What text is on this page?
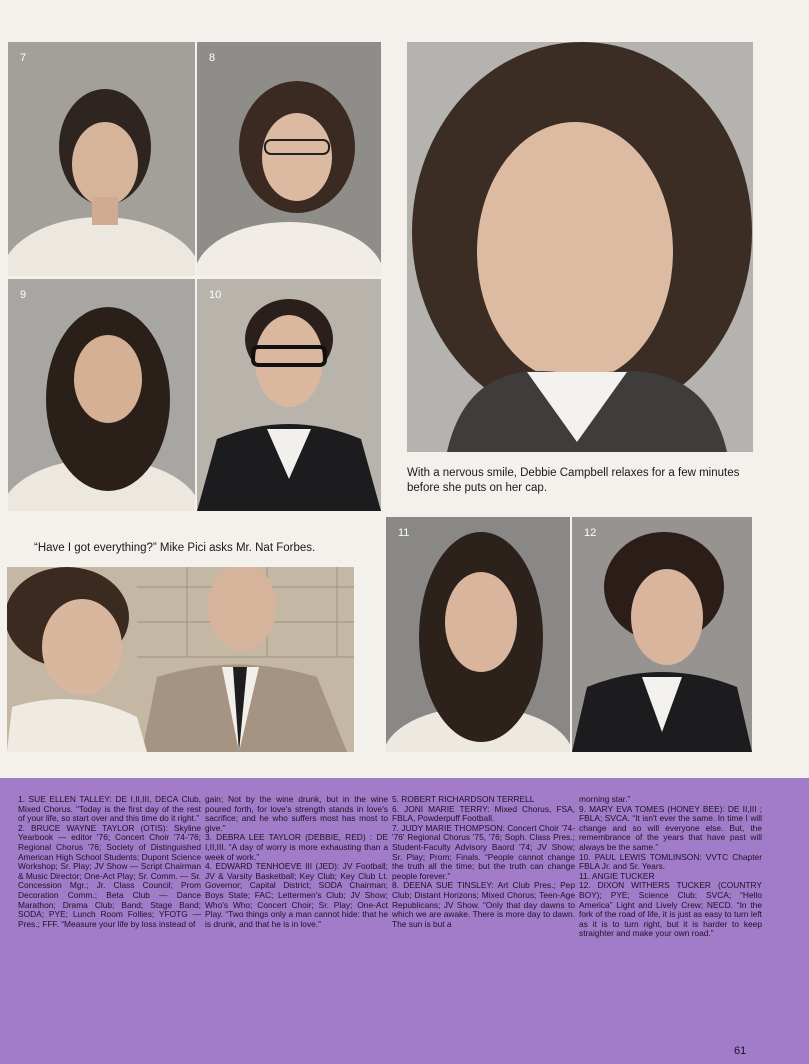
7	8
9	10
With a nervous smile, Debbie Campbell relaxes for a few minutes before she puts on her cap.
“Have I got everything?” Mike Pici asks Mr. Nat Forbes.
11	12
1. SUE ELLEN TALLEY: DE I,II,III, DECA Club, Mixed Chorus. “Today is the first day of the rest of your life, so start over and this time do it right.”
2. BRUCE WAYNE TAYLOR (OTIS): Skyline Yearbook — editor '76; Concert Choir '74-'76; Regional Chorus '76; Society of Distinguished American High School Students; Dupont Science Workshop; Sr. Play; JV Show — Script Chairman & Music Director; One-Act Play; Sr. Comm. — Sr. Concession Mgr.; Jr. Class Council; Prom Decoration Comm.; Beta Club — Dance Marathon; Drama Club; Band; Stage Band; SODA; PYE; Lunch Room Follies; YFOTG — Pres.; FFF. “Measure your life by loss instead of
gain; Not by the wine drunk, but in the wine poured forth, for love's strength stands in love's sacrifice; and he who suffers most has most to give.”
3. DEBRA LEE TAYLOR (DEBBIE, RED) : DE I,II,III. “A day of worry is more exhausting than a week of work.”
4. EDWARD TENHOEVE III (JED): JV Football; JV & Varsity Basketball; Key Club; Key Club Lt. Governor; Capital District; SODA Chairman; Boys State; FAC; Lettermen's Club; JV Show; Who's Who; Concert Choir; Sr. Play; One-Act Play. “Two things only a man cannot hide: that he is drunk, and that he is in love.”
5. ROBERT RICHARDSON TERRELL
6. JONI MARIE TERRY: Mixed Chorus, FSA, FBLA, Powderpuff Football.
7. JUDY MARIE THOMPSON: Concert Choir '74-'76' Regional Chorus '75, '76; Soph. Class Pres.; Student-Faculty Advisory Baord '74; JV Show; Sr. Play; Prom; Finals. “People cannot change the truth all the time; but the truth can change people forever.”
8. DEENA SUE TINSLEY: Art Club Pres.; Pep Club; Distant Horizons; Mixed Chorus; Teen-Age Republicans; JV Show. “Only that day dawns to which we are awake. There is more day to dawn. The sun is but a
morning star.”
9. MARY EVA TOMES (HONEY BEE): DE II,III ; FBLA; SVCA. “It isn't ever the same. In time I will change and so will everyone else. But, the remembrance of the years that have past will always be the same.”
10. PAUL LEWIS TOMLINSON: VVTC Chapter FBLA Jr. and Sr. Years.
11. ANGIE TUCKER
12. DIXON WITHERS TUCKER (COUNTRY BOY); PYE; Science Club; SVCA; “Hello America” Light and Lively Crew; NECD. “In the fork of the road of life, it is just as easy to turn left as it is to turn right, but it is harder to keep straighter and make your own road.”
61
